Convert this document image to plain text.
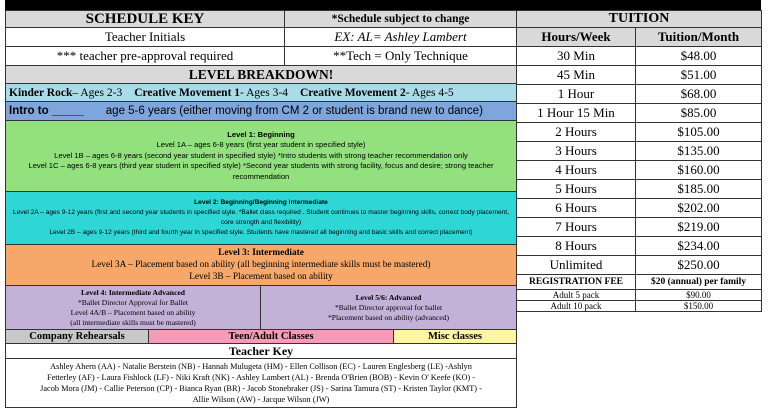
SCHEDULE KEY	*Schedule subject to change
Teacher Initials	EX: AL= Ashley Lambert
*** teacher pre-approval required	**Tech = Only Technique
LEVEL BREAKDOWN!
Kinder Rock – Ages 2-3 Creative Movement 1 - Ages 3-4 Creative Movement 2 - Ages 4-5
Intro to _____ age 5-6 years (either moving from CM 2 or student is brand new to dance)
Level 1: Beginning
Level 1A – ages 6-8 years (first year student in specified style)
Level 1B – ages 6-8 years (second year student in specified style) *Intro students with strong teacher recommendation only
Level 1C – ages 6-8 years (third year student in specified style) *Second year students with strong facility, focus and desire; strong teacher recommendation
Level 2: Beginning/Beginning Intermediate
Level 2A – ages 9-12 years (first and second year students in specified style. *Ballet class required . Student continues to master beginning skills, correct body placement, core strength and flexibility)
Level 2B – ages 9-12 years (third and fourth year in specified style. Students have mastered all beginning and basic skills and correct placement)
Level 3: Intermediate
Level 3A – Placement based on ability (all beginning intermediate skills must be mastered)
Level 3B – Placement based on ability
Level 4: Intermediate Advanced
*Ballet Director Approval for Ballet
Level 4A/B – Placement based on ability
(all intermediate skills must be mastered)
Level 5/6: Advanced
*Ballet Director approval for ballet
*Placement based on ability (advanced)
Company Rehearsals	Teen/Adult Classes	Misc classes
Teacher Key
Ashley Ahern (AA) - Natalie Berstein (NB) - Hannah Mulugeta (HM) - Ellen Collison (EC) - Lauren Englesberg (LE) -Ashlyn
Fetterley (AF) - Laura Fishlock (LF) - Niki Kraft (NK) - Ashley Lambert (AL) - Brenda O'Brien (BOB) - Kevin O' Keefe (KO) -
Jacob Mora (JM) - Callie Peterson (CP) - Bianca Ryan (BR) - Jacob Stonebraker (JS) - Sarina Tamura (ST) - Kristen Taylor (KMT) -
Allie Wilson (AW) - Jacque Wilson (JW)
TUITION
Hours/Week	Tuition/Month
30 Min	$48.00
45 Min	$51.00
1 Hour	$68.00
1 Hour 15 Min	$85.00
2 Hours	$105.00
3 Hours	$135.00
4 Hours	$160.00
5 Hours	$185.00
6 Hours	$202.00
7 Hours	$219.00
8 Hours	$234.00
Unlimited	$250.00
REGISTRATION FEE	$20 (annual) per family
Adult 5 pack	$90.00
Adult 10 pack	$150.00
